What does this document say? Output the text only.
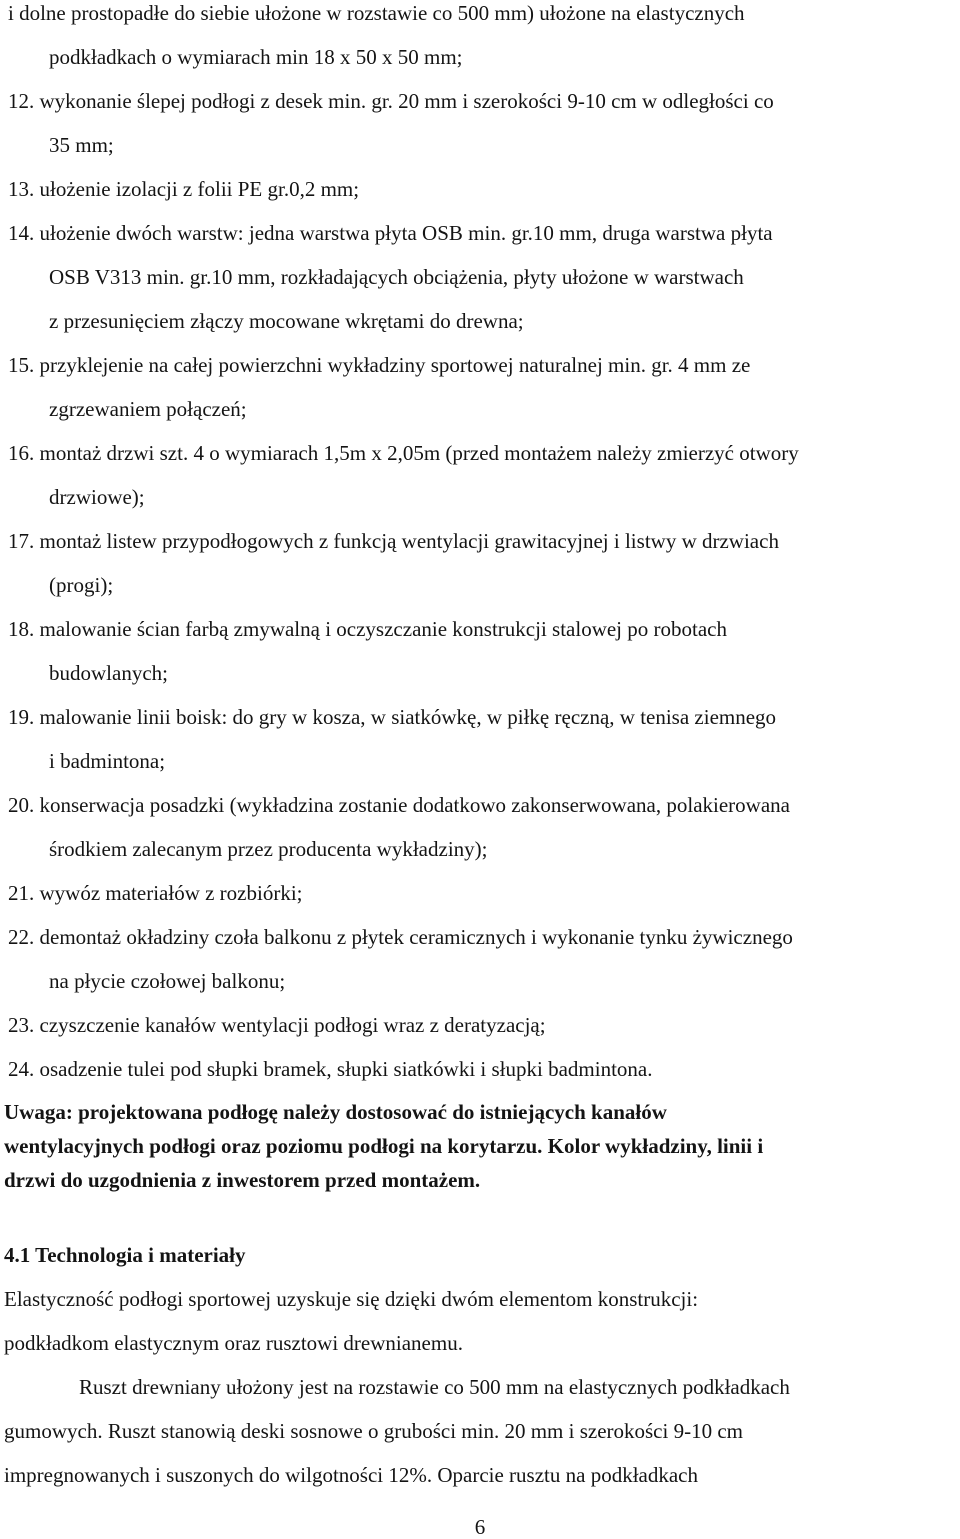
i dolne prostopadłe do siebie ułożone w rozstawie co 500 mm) ułożone na elastycznych

podkładkach o wymiarach min 18 x 50 x 50 mm;

12. wykonanie ślepej podłogi z desek min. gr. 20 mm i szerokości 9-10 cm w odległości co

35 mm;

13. ułożenie izolacji z folii PE gr.0,2 mm;

14. ułożenie dwóch warstw: jedna warstwa płyta OSB min. gr.10 mm, druga warstwa płyta

OSB V313 min. gr.10 mm, rozkładających obciążenia, płyty ułożone w warstwach

z przesunięciem złączy mocowane wkrętami do drewna;

15. przyklejenie na całej powierzchni wykładziny sportowej naturalnej min. gr. 4 mm ze

zgrzewaniem połączeń;

16. montaż drzwi szt. 4 o wymiarach 1,5m x 2,05m (przed montażem należy zmierzyć otwory

drzwiowe);

17. montaż listew przypodłogowych z funkcją wentylacji grawitacyjnej i listwy w drzwiach

(progi);

18. malowanie ścian farbą zmywalną i oczyszczanie konstrukcji stalowej po robotach

budowlanych;

19. malowanie linii boisk: do gry w kosza, w siatkówkę, w piłkę ręczną, w tenisa ziemnego

i badmintona;

20. konserwacja posadzki (wykładzina zostanie dodatkowo zakonserwowana, polakierowana

środkiem zalecanym przez producenta wykładziny);

21. wywóz materiałów z rozbiórki;

22. demontaż okładziny czoła balkonu z płytek ceramicznych i wykonanie tynku żywicznego

na płycie czołowej balkonu;

23. czyszczenie kanałów wentylacji podłogi wraz z deratyzacją;

24. osadzenie tulei pod słupki bramek, słupki siatkówki i słupki badmintona.

Uwaga: projektowana podłogę należy dostosować do istniejących kanałów

wentylacyjnych podłogi oraz poziomu podłogi na korytarzu. Kolor wykładziny, linii i

drzwi do uzgodnienia z inwestorem przed montażem.

4.1 Technologia i materiały

Elastyczność podłogi sportowej uzyskuje się dzięki dwóm elementom konstrukcji:

podkładkom elastycznym oraz rusztowi drewnianemu.

Ruszt drewniany ułożony jest na rozstawie co 500 mm na elastycznych podkładkach

gumowych. Ruszt stanowią deski sosnowe o grubości min. 20 mm i szerokości 9-10 cm

impregnowanych i suszonych do wilgotności 12%. Oparcie rusztu na podkładkach

6
